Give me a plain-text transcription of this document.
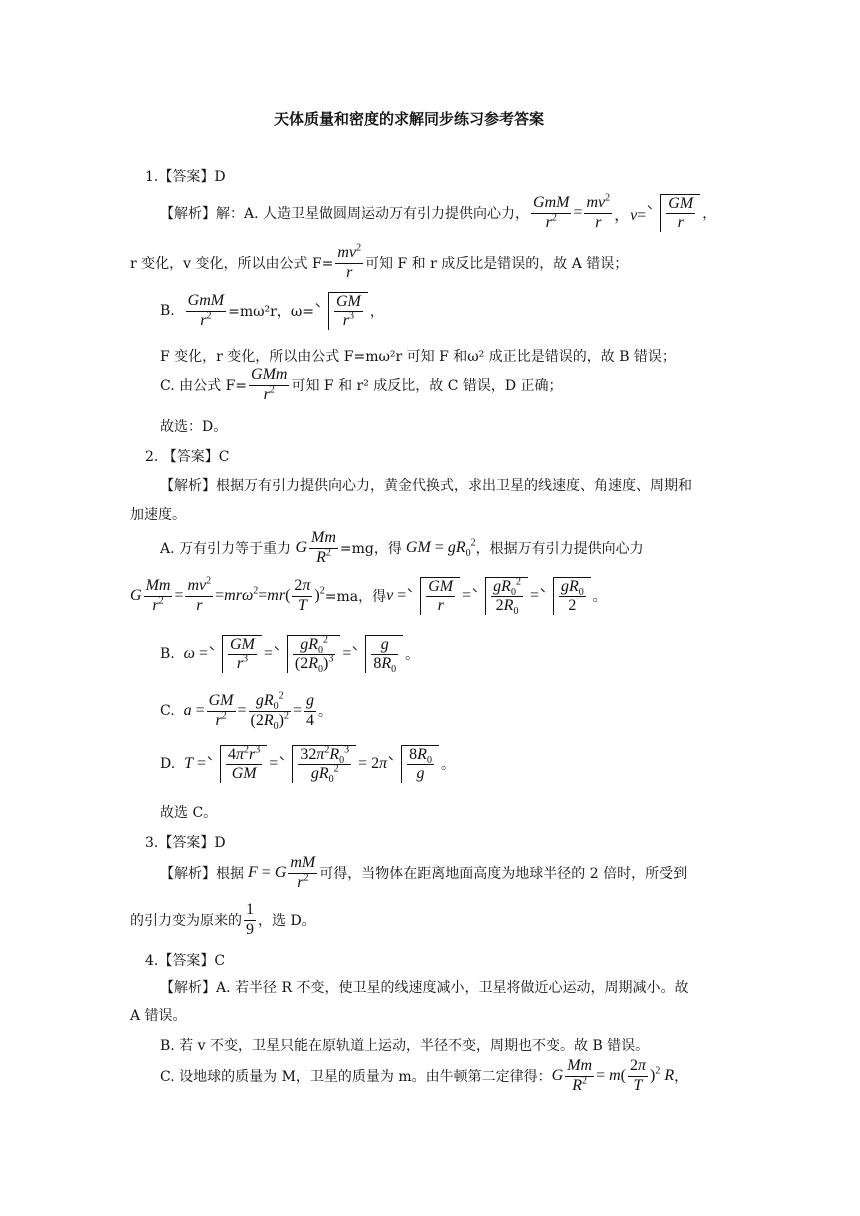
天体质量和密度的求解同步练习参考答案
1.【答案】D
【解析】解：A. 人造卫星做圆周运动万有引力提供向心力， $\frac{\text{GmM}}{r^2} = \frac{mv^2}{r}$ ，$v= \frac{GM}{r}$ ，
r 变化，v 变化，所以由公式 $F= \frac{mv^2}{r}$ 可知 F 和 r 成反比是错误的，故 A 错误；
B.
$\frac{\text{GmM}}{r^2} =m\omega^2r$，$\omega= \frac{GM}{r^3}$ ，
F 变化，r 变化，所以由公式 F=mω²r 可知 F 和ω² 成正比是错误的，故 B 错误；
C. 由公式 $F= \frac{\text{GMm}}{r^2}$ 可知 F 和 r² 成反比，故 C 错误，D 正确；
故选：D。
2. 【答案】C
【解析】根据万有引力提供向心力，黄金代换式，求出卫星的线速度、角速度、周期和
加速度。
A. 万有引力等于重力
G $\frac{Mm}{R^2} =mg$，得 GM = $gR_0^2$ ，根据万有引力提供向心力
G $\frac{Mm}{r^2} = \frac{mv^2}{r} =mr\omega^2=mr( \frac{2\pi}{T} )^2 =ma$，得 $v = \frac{GM}{r} = \frac{gR_0^2}{2R_0} = \frac{gR_0}{2}$ 。
B.
$\omega = \frac{GM}{r^3} = \frac{gR_0^2}{(2R_0)^3} = \frac{g}{8R_0}$ 。
C.
$a = \frac{GM}{r^2} = \frac{gR_0^2}{(2R_0)^2} = \frac{g}{4}$ 。
D.
$T = \frac{4\pi^2r^3}{GM} = \frac{32\pi^2R_0^3}{gR_0^2} = 2\pi \frac{8R_0}{g}$ 。
故选 C。
3.【答案】D
【解析】根据 F = G $\frac{mM}{r^2}$ 可得，当物体在距离地面高度为地球半径的 2 倍时，所受到
的引力变为原来的 $\frac{1}{9}$ ，选 D。
4.【答案】C
【解析】A. 若半径 R 不变，使卫星的线速度减小，卫星将做近心运动，周期减小。故
A 错误。
B. 若 v 不变，卫星只能在原轨道上运动，半径不变，周期也不变。故 B 错误。
C. 设地球的质量为 M，卫星的质量为 m。由牛顿第二定律得： G $\frac{Mm}{R^2} = m( \frac{2\pi}{T} )^2$ R ，
